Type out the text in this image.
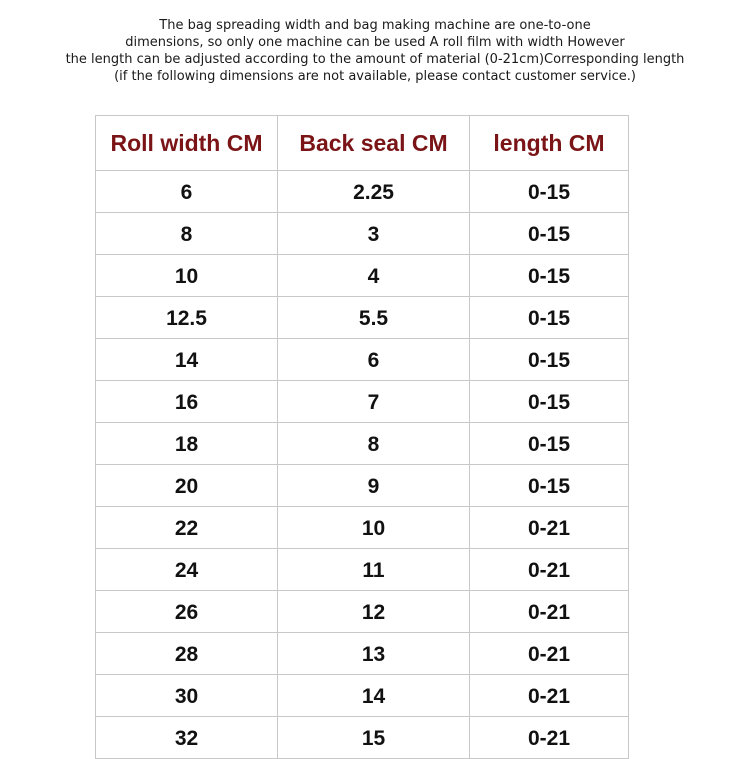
The bag spreading width and bag making machine are one-to-one
dimensions, so only one machine can be used A roll film with width However
the length can be adjusted according to the amount of material (0-21cm)Corresponding length
(if the following dimensions are not available, please contact customer service.)
Roll width CM	Back seal CM	length CM
6	2.25	0-15
8	3	0-15
10	4	0-15
12.5	5.5	0-15
14	6	0-15
16	7	0-15
18	8	0-15
20	9	0-15
22	10	0-21
24	11	0-21
26	12	0-21
28	13	0-21
30	14	0-21
32	15	0-21
